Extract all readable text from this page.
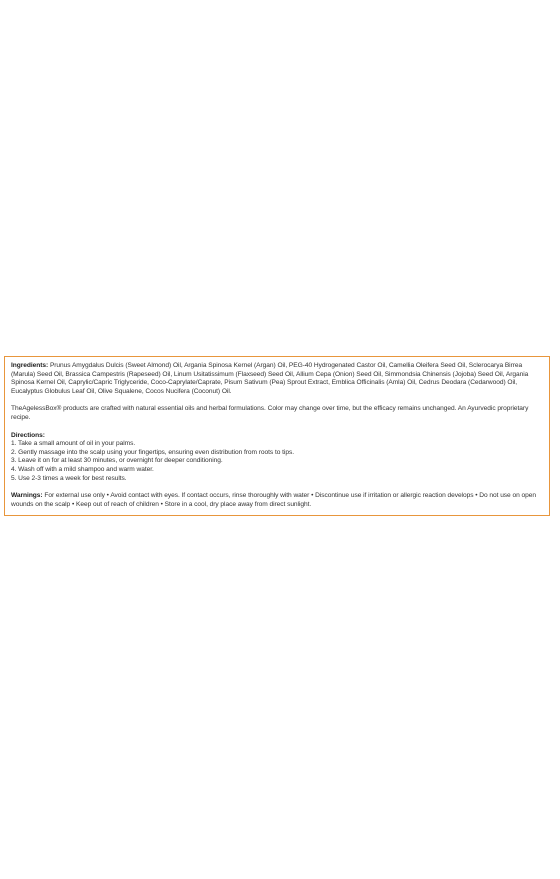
Ingredients: Prunus Amygdalus Dulcis (Sweet Almond) Oil, Argania Spinosa Kernel (Argan) Oil, PEG-40 Hydrogenated Castor Oil, Camellia Oleifera Seed Oil, Sclerocarya Birrea (Marula) Seed Oil, Brassica Campestris (Rapeseed) Oil, Linum Usitatissimum (Flaxseed) Seed Oil, Allium Cepa (Onion) Seed Oil, Simmondsia Chinensis (Jojoba) Seed Oil, Argania Spinosa Kernel Oil, Caprylic/Capric Triglyceride, Coco-Caprylate/Caprate, Pisum Sativum (Pea) Sprout Extract, Emblica Officinalis (Amla) Oil, Cedrus Deodara (Cedarwood) Oil, Eucalyptus Globulus Leaf Oil, Olive Squalene, Cocos Nucifera (Coconut) Oil.

TheAgelessBox® products are crafted with natural essential oils and herbal formulations. Color may change over time, but the efficacy remains unchanged. An Ayurvedic proprietary recipe.

Directions:

1. Take a small amount of oil in your palms.
2. Gently massage into the scalp using your fingertips, ensuring even distribution from roots to tips.
3. Leave it on for at least 30 minutes, or overnight for deeper conditioning.
4. Wash off with a mild shampoo and warm water.
5. Use 2-3 times a week for best results.

Warnings: For external use only • Avoid contact with eyes. If contact occurs, rinse thoroughly with water • Discontinue use if irritation or allergic reaction develops • Do not use on open wounds on the scalp • Keep out of reach of children • Store in a cool, dry place away from direct sunlight.
